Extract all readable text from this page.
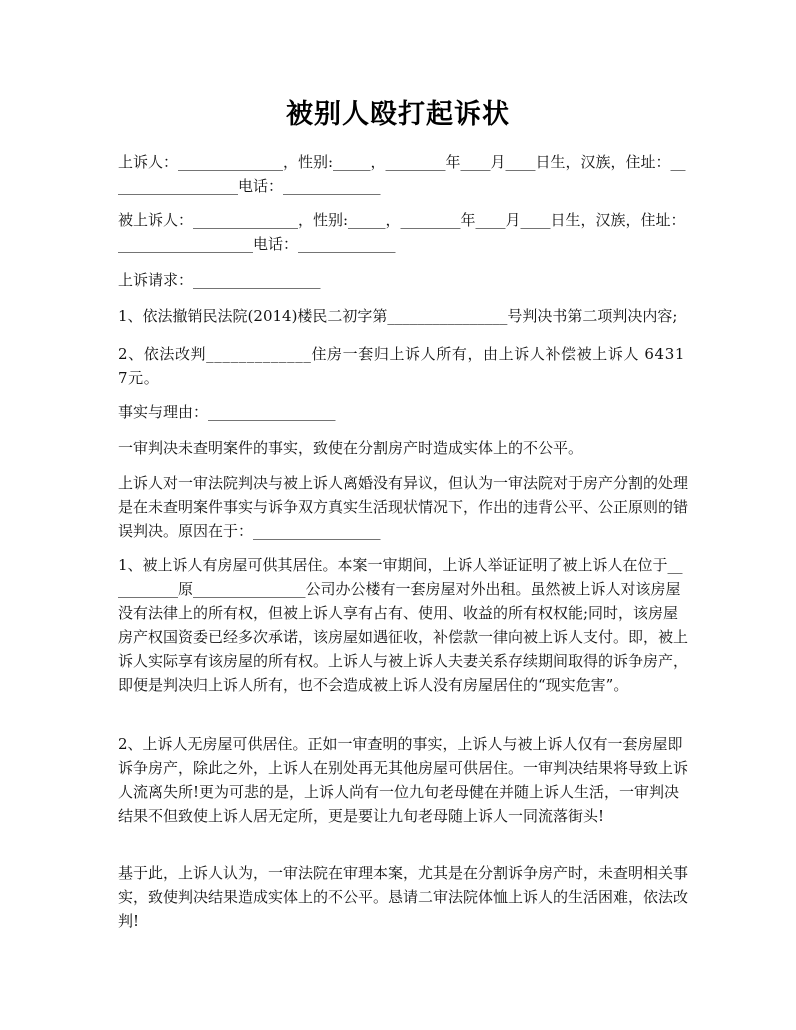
被别人殴打起诉状
上诉人：______________，性别:_____，________年____月____日生，汉族，住址：__________________电话：_____________
被上诉人：______________，性别:_____，________年____月____日生，汉族，住址：__________________电话：_____________
上诉请求：_________________
1、依法撤销民法院(2014)楼民二初字第________________号判决书第二项判决内容;
2、依法改判_____________住房一套归上诉人所有，由上诉人补偿被上诉人 64317元。
事实与理由：_________________
一审判决未查明案件的事实，致使在分割房产时造成实体上的不公平。
上诉人对一审法院判决与被上诉人离婚没有异议，但认为一审法院对于房产分割的处理是在未查明案件事实与诉争双方真实生活现状情况下，作出的违背公平、公正原则的错误判决。原因在于：_________________
1、被上诉人有房屋可供其居住。本案一审期间，上诉人举证证明了被上诉人在位于__________原_______________公司办公楼有一套房屋对外出租。虽然被上诉人对该房屋没有法律上的所有权，但被上诉人享有占有、使用、收益的所有权权能;同时，该房屋房产权国资委已经多次承诺，该房屋如遇征收，补偿款一律向被上诉人支付。即，被上诉人实际享有该房屋的所有权。上诉人与被上诉人夫妻关系存续期间取得的诉争房产，即便是判决归上诉人所有，也不会造成被上诉人没有房屋居住的“现实危害”。
2、上诉人无房屋可供居住。正如一审查明的事实，上诉人与被上诉人仅有一套房屋即诉争房产，除此之外，上诉人在别处再无其他房屋可供居住。一审判决结果将导致上诉人流离失所!更为可悲的是，上诉人尚有一位九旬老母健在并随上诉人生活，一审判决结果不但致使上诉人居无定所，更是要让九旬老母随上诉人一同流落街头!
基于此，上诉人认为，一审法院在审理本案，尤其是在分割诉争房产时，未查明相关事实，致使判决结果造成实体上的不公平。恳请二审法院体恤上诉人的生活困难，依法改判!
